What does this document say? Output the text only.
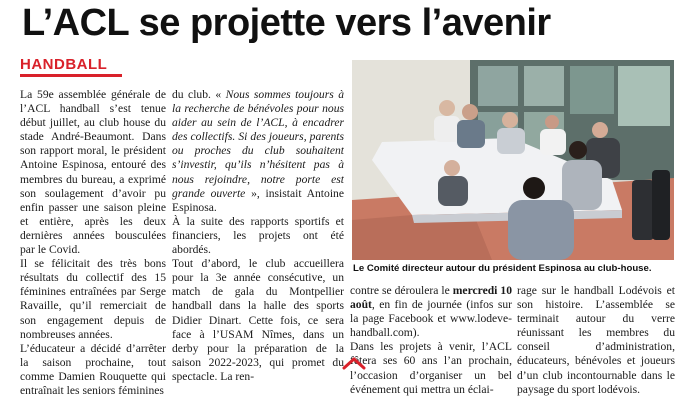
L’ACL se projette vers l’avenir
HANDBALL

La 59e assemblée générale de l’ACL handball s’est tenue début juillet, au club house du stade André-Beaumont. Dans son rapport moral, le président Antoine Espinosa, entouré des membres du bureau, a exprimé son soulagement d’avoir pu enfin passer une saison pleine et entière, après les deux dernières années bousculées par le Covid.

Il se félicitait des très bons résultats du collectif des 15 féminines entraînées par Serge Ravaille, qu’il remerciait de son engagement depuis de nombreuses années.

L’éducateur a décidé d’arrêter la saison prochaine, tout comme Damien Rouquette qui entraînait les seniors féminines

du club. « Nous sommes toujours à la recherche de bénévoles pour nous aider au sein de l’ACL, à encadrer des collectifs. Si des joueurs, parents ou proches du club souhaitent s’investir, qu’ils n’hésitent pas à nous rejoindre, notre porte est grande ouverte », insistait Antoine Espinosa.

À la suite des rapports sportifs et financiers, les projets ont été abordés.

Tout d’abord, le club accueillera pour la 3e année consécutive, un match de gala du Montpellier handball dans la halle des sports Didier Dinart. Cette fois, ce sera face à l’USAM Nîmes, dans un derby pour la préparation de la saison 2022-2023, qui promet du spectacle. La ren-

Le Comité directeur autour du président Espinosa au club-house.

contre se déroulera le mercredi 10 août, en fin de journée (infos sur la page Facebook et www.lodeve-handball.com).

Dans les projets à venir, l’ACL fêtera ses 60 ans l’an prochain, l’occasion d’organiser un bel événement qui mettra un éclai-

rage sur le handball Lodévois et son histoire. L’assemblée se terminait autour du verre réunissant les membres du conseil d’administration, éducateurs, bénévoles et joueurs d’un club incontournable dans le paysage du sport lodévois.
